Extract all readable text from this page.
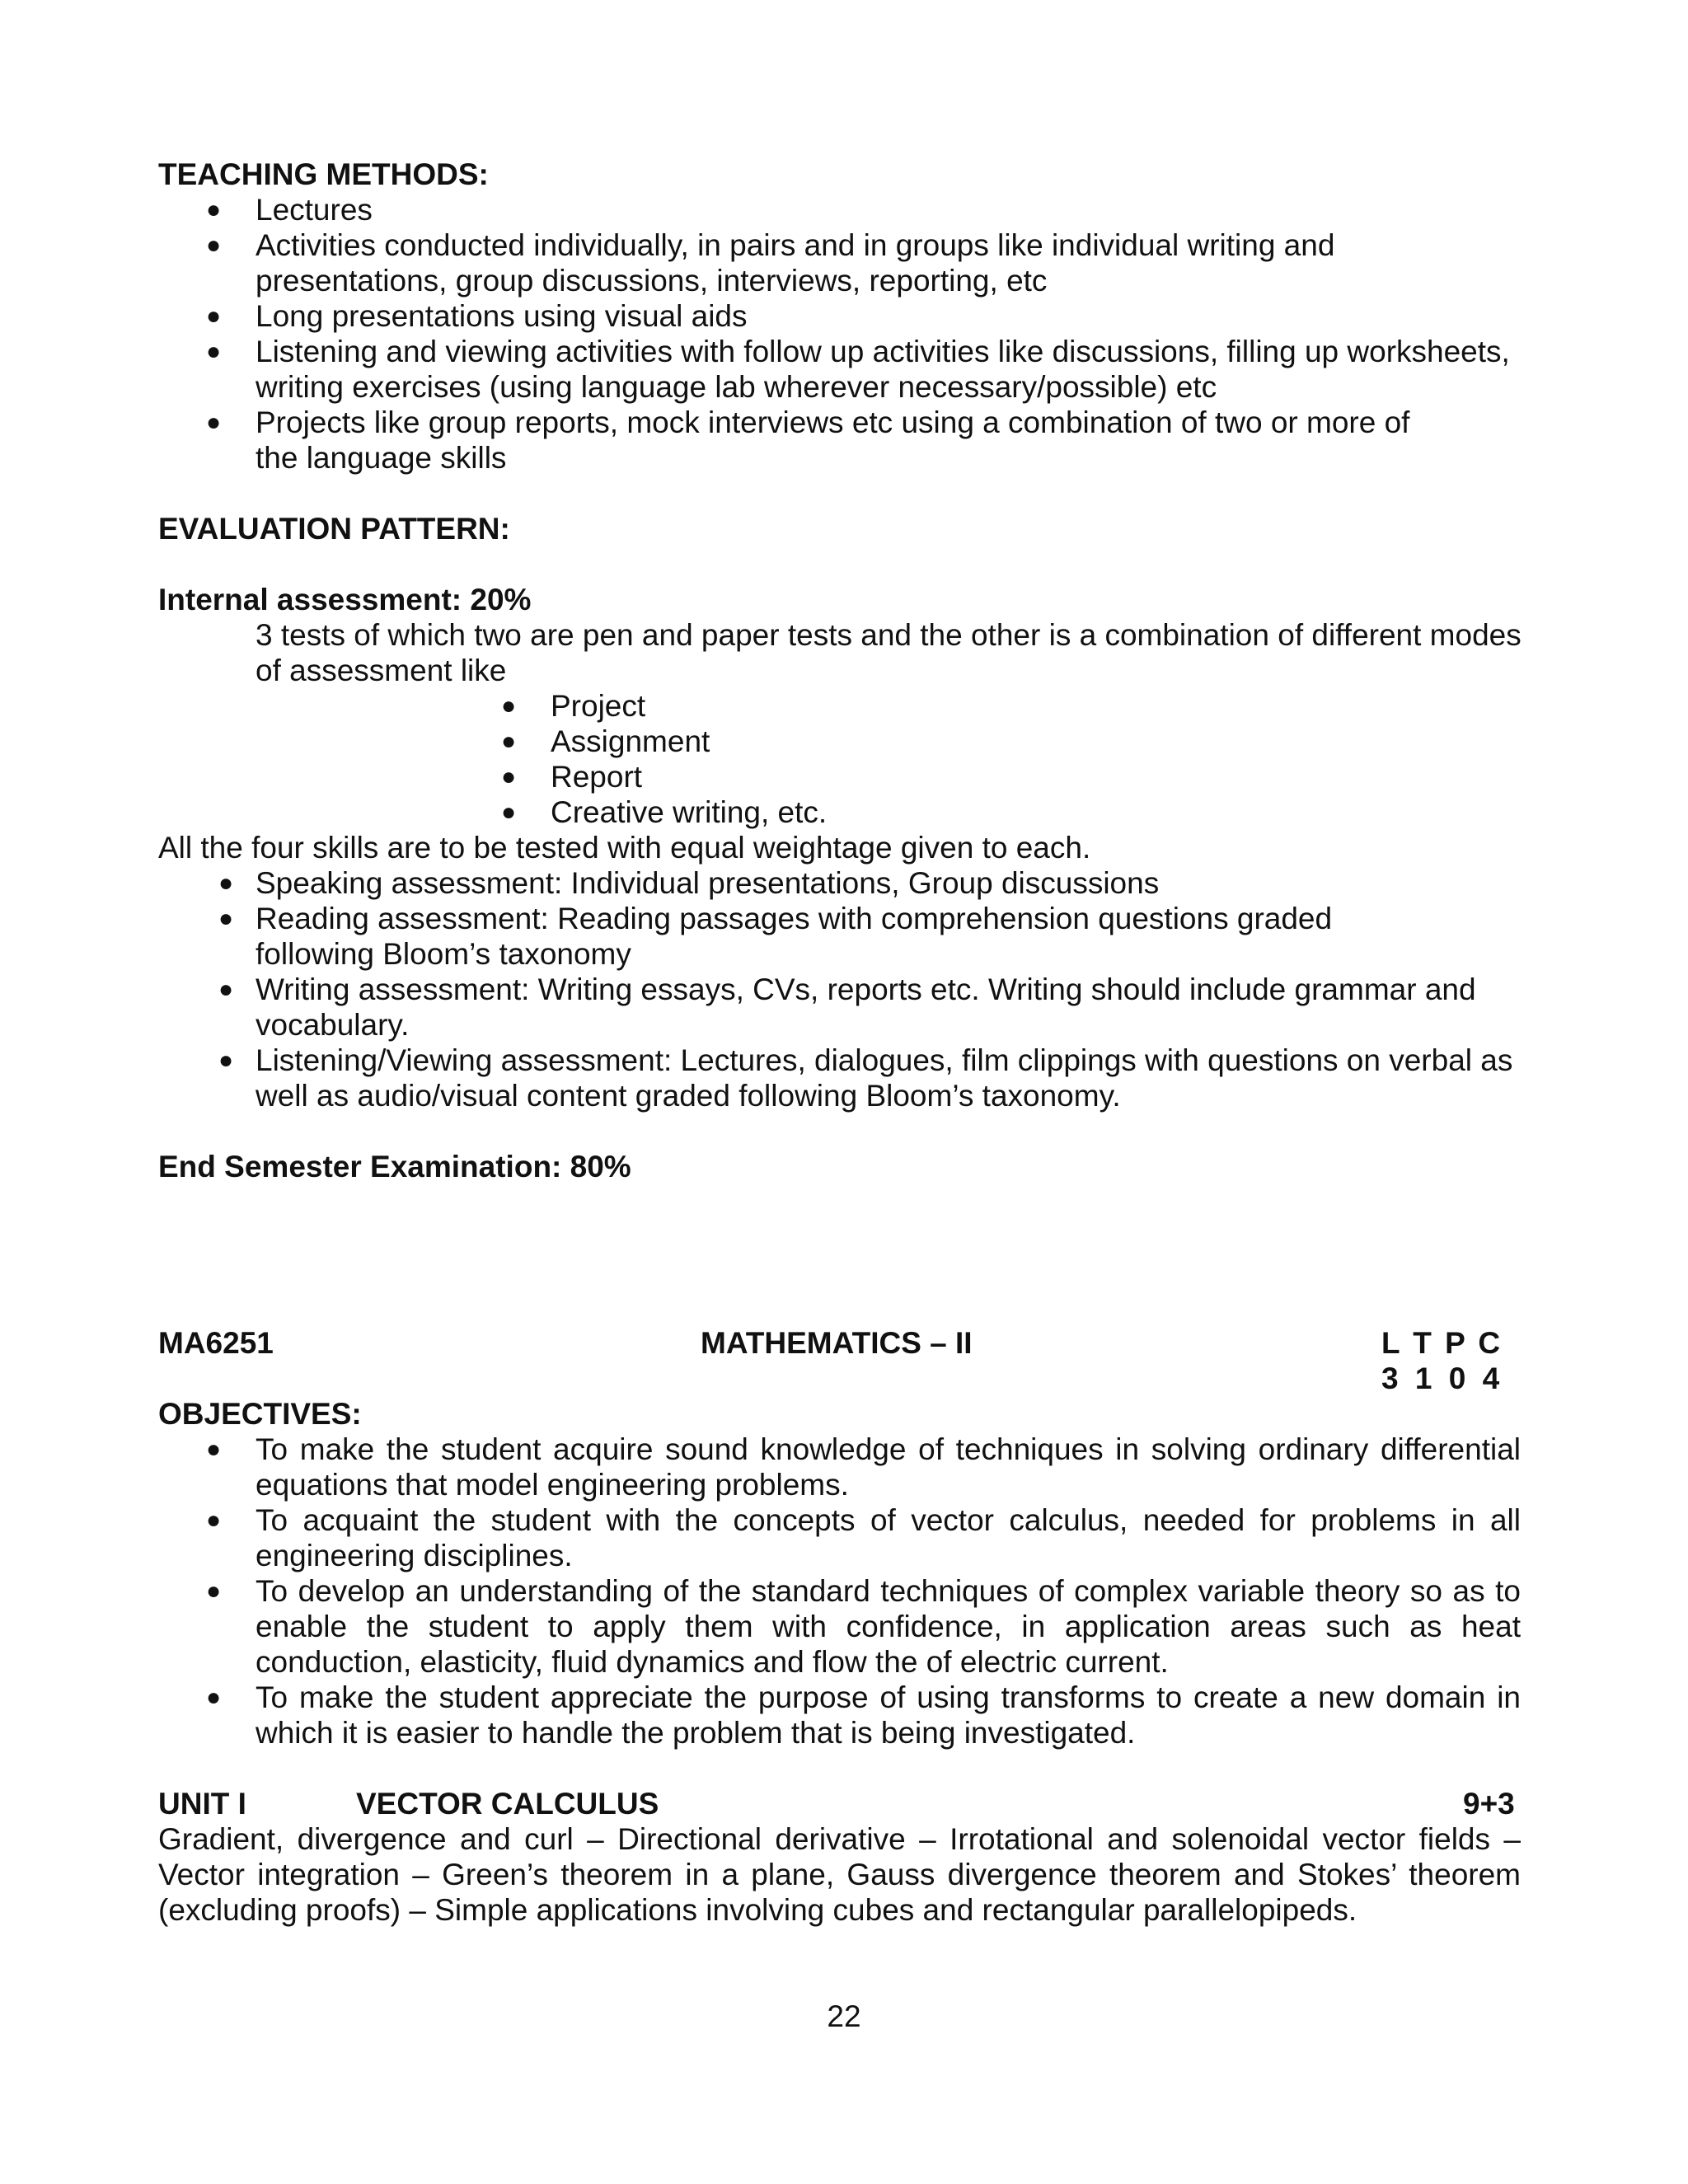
TEACHING METHODS:
● Lectures
● Activities conducted individually, in pairs and in groups like individual writing and presentations, group discussions, interviews, reporting, etc
● Long presentations using visual aids
● Listening and viewing activities with follow up activities like discussions, filling up worksheets, writing exercises (using language lab wherever necessary/possible) etc
● Projects like group reports, mock interviews etc using a combination of two or more of the language skills
EVALUATION PATTERN:
Internal assessment: 20%
3 tests of which two are pen and paper tests and the other is a combination of different modes of assessment like
● Project
● Assignment
● Report
● Creative writing, etc.
All the four skills are to be tested with equal weightage given to each.
● Speaking assessment: Individual presentations, Group discussions
● Reading assessment: Reading passages with comprehension questions graded following Bloom’s taxonomy
● Writing assessment: Writing essays, CVs, reports etc. Writing should include grammar and vocabulary.
● Listening/Viewing assessment: Lectures, dialogues, film clippings with questions on verbal as well as audio/visual content graded following Bloom’s taxonomy.
End Semester Examination: 80%
MA6251	MATHEMATICS – II	L T P C
3 1 0 4
OBJECTIVES:
● To make the student acquire sound knowledge of techniques in solving ordinary differential equations that model engineering problems.
● To acquaint the student with the concepts of vector calculus, needed for problems in all engineering disciplines.
● To develop an understanding of the standard techniques of complex variable theory so as to enable the student to apply them with confidence, in application areas such as heat conduction, elasticity, fluid dynamics and flow the of electric current.
● To make the student appreciate the purpose of using transforms to create a new domain in which it is easier to handle the problem that is being investigated.
UNIT I	VECTOR CALCULUS	9+3
Gradient, divergence and curl – Directional derivative – Irrotational and solenoidal vector fields – Vector integration – Green’s theorem in a plane, Gauss divergence theorem and Stokes’ theorem (excluding proofs) – Simple applications involving cubes and rectangular parallelopipeds.
22
